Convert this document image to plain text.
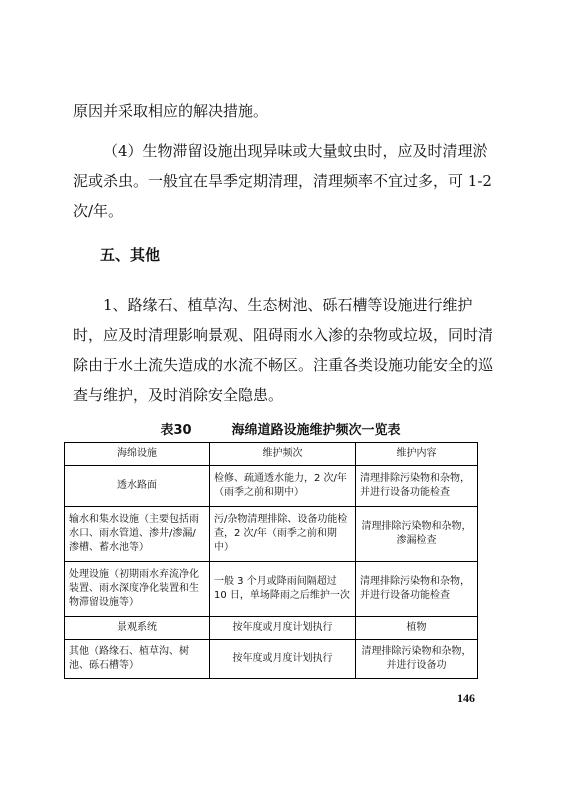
原因并采取相应的解决措施。
（4）生物滞留设施出现异味或大量蚊虫时，应及时清理淤泥或杀虫。一般宜在旱季定期清理，清理频率不宜过多，可 1-2 次/年。
五、其他
1、路缘石、植草沟、生态树池、砾石槽等设施进行维护时，应及时清理影响景观、阻碍雨水入渗的杂物或垃圾，同时清除由于水土流失造成的水流不畅区。注重各类设施功能安全的巡查与维护，及时消除安全隐患。
表30	海绵道路设施维护频次一览表
海绵设施	维护频次	维护内容
透水路面	检修、疏通透水能力，2 次/年（雨季之前和期中）	清理排除污染物和杂物，并进行设备功能检查
输水和集水设施（主要包括雨水口、雨水管道、渗井/渗漏/渗槽、蓄水池等）	污/杂物清理排除、设备功能检查，2 次/年（雨季之前和期中）	清理排除污染物和杂物，渗漏检查
处理设施（初期雨水弃流净化装置、雨水深度净化装置和生物滞留设施等）	一般 3 个月或降雨间隔超过 10 日，单场降雨之后维护一次	清理排除污染物和杂物，并进行设备功能检查
景观系统	按年度或月度计划执行	植物
其他（路缘石、植草沟、树池、砾石槽等）	按年度或月度计划执行	清理排除污染物和杂物，并进行设备功
146
